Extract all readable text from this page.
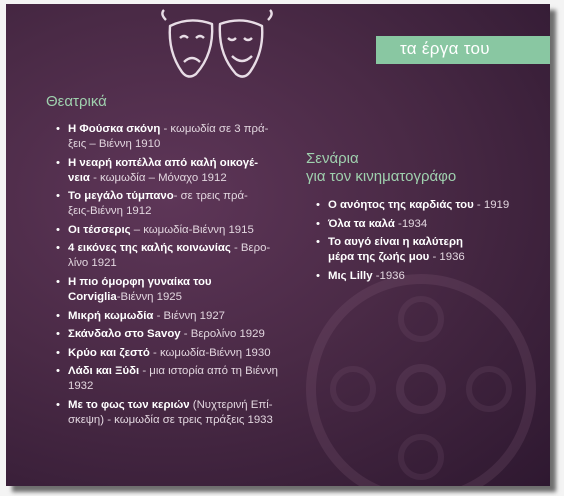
τα έργα του
Θεατρικά
• Η Φούσκα σκόνη - κωμωδία σε 3 πρά-
ξεις – Βιέννη 1910
• Η νεαρή κοπέλλα από καλή οικογέ-
νεια - κωμωδία – Μόναχο 1912
• Το μεγάλο τύμπανο- σε τρεις πρά-
ξεις-Βιέννη 1912
• Οι τέσσερις – κωμωδία-Βιέννη 1915
• 4 εικόνες της καλής κοινωνίας - Βερο-
λίνο 1921
• Η πιο όμορφη γυναίκα του
Corviglia-Βιέννη 1925
• Μικρή κωμωδία - Βιέννη 1927
• Σκάνδαλο στο Savoy - Βερολίνο 1929
• Κρύο και ζεστό - κωμωδία-Βιέννη 1930
• Λάδι και Ξύδι - μια ιστορία από τη Βιέννη
1932
• Με το φως των κεριών (Νυχτερινή Επί-
σκεψη) - κωμωδία σε τρεις πράξεις 1933
Σενάρια
για τον κινηματογράφο
• Ο ανόητος της καρδιάς του - 1919
• Όλα τα καλά -1934
• Το αυγό είναι η καλύτερη
μέρα της ζωής μου - 1936
• Μις Lilly -1936
